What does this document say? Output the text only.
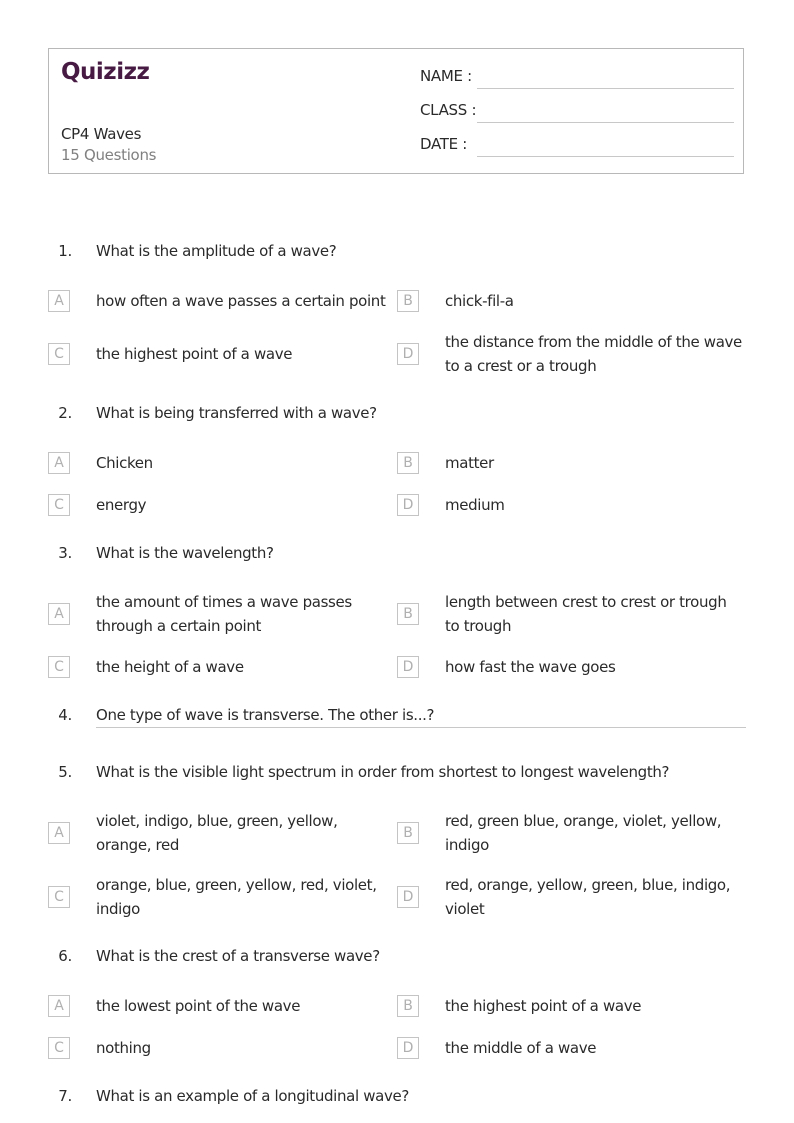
Quizizz
CP4 Waves
15 Questions
NAME :
CLASS :
DATE :
1. What is the amplitude of a wave?
A	how often a wave passes a certain point	B	chick-fil-a
C	the highest point of a wave	D
the distance from the middle of the wave to a crest or a trough
2. What is being transferred with a wave?
A	Chicken	B	matter
C	energy	D	medium
3. What is the wavelength?
A
the amount of times a wave passes through a certain point
B
length between crest to crest or trough to trough
C	the height of a wave	D	how fast the wave goes
4. One type of wave is transverse. The other is...?
5. What is the visible light spectrum in order from shortest to longest wavelength?
A
violet, indigo, blue, green, yellow, orange, red
B
red, green blue, orange, violet, yellow, indigo
C
orange, blue, green, yellow, red, violet, indigo
D
red, orange, yellow, green, blue, indigo, violet
6. What is the crest of a transverse wave?
A	the lowest point of the wave	B	the highest point of a wave
C	nothing	D	the middle of a wave
7. What is an example of a longitudinal wave?
